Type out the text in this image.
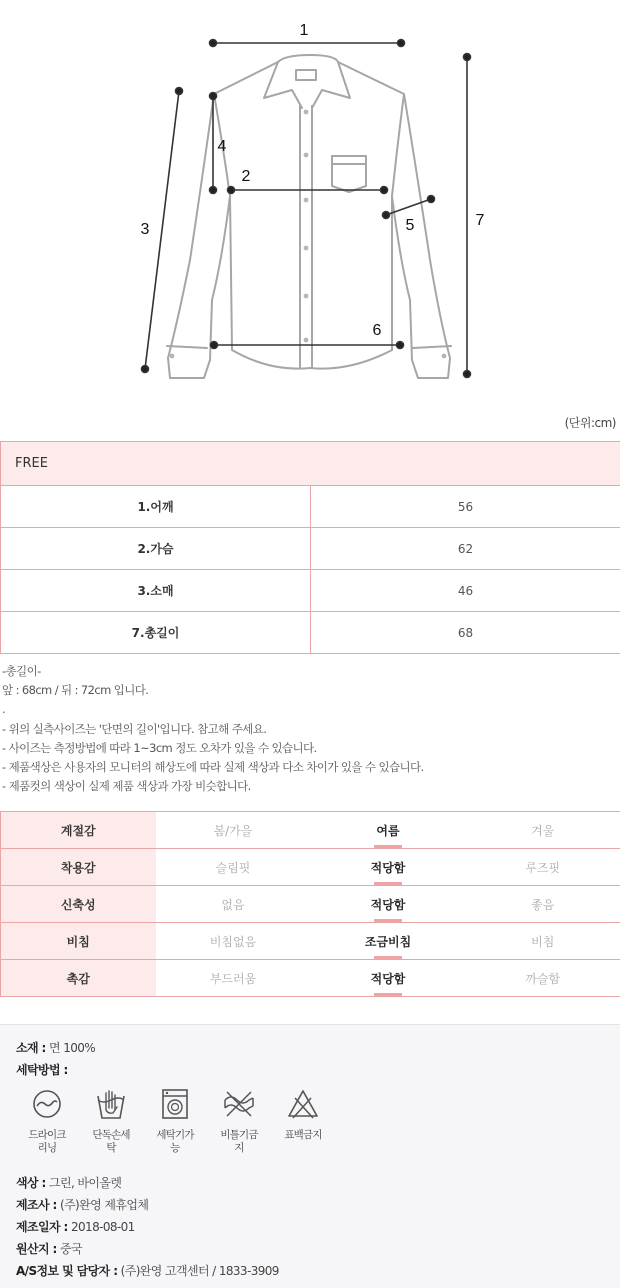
1
2
3
4
5
6
7
(단위:cm)
FREE	
1.어깨	56
2.가슴	62
3.소매	46
7.총길이	68
-총길이-
앞 : 68cm / 뒤 : 72cm 입니다.
.
- 위의 실측사이즈는 '단면의 길이'입니다. 참고해 주세요.
- 사이즈는 측정방법에 따라 1~3cm 정도 오차가 있을 수 있습니다.
- 제품색상은 사용자의 모니터의 해상도에 따라 실제 색상과 다소 차이가 있을 수 있습니다.
- 제품컷의 색상이 실제 제품 색상과 가장 비슷합니다.
계절감	봄/가을	여름	겨울
착용감	슬림핏	적당함	루즈핏
신축성	없음	적당함	좋음
비침	비침없음	조금비침	비침
촉감	부드러움	적당함	까슬함
소재 : 면 100%
세탁방법 :
드라이크
리닝
단독손세
탁
세탁기가
능
비틀기금
지
표백금지
색상 : 그린, 바이올렛
제조사 : (주)완영 제휴업체
제조일자 : 2018-08-01
원산지 : 중국
A/S정보 및 담당자 : (주)완영 고객센터 / 1833-3909
